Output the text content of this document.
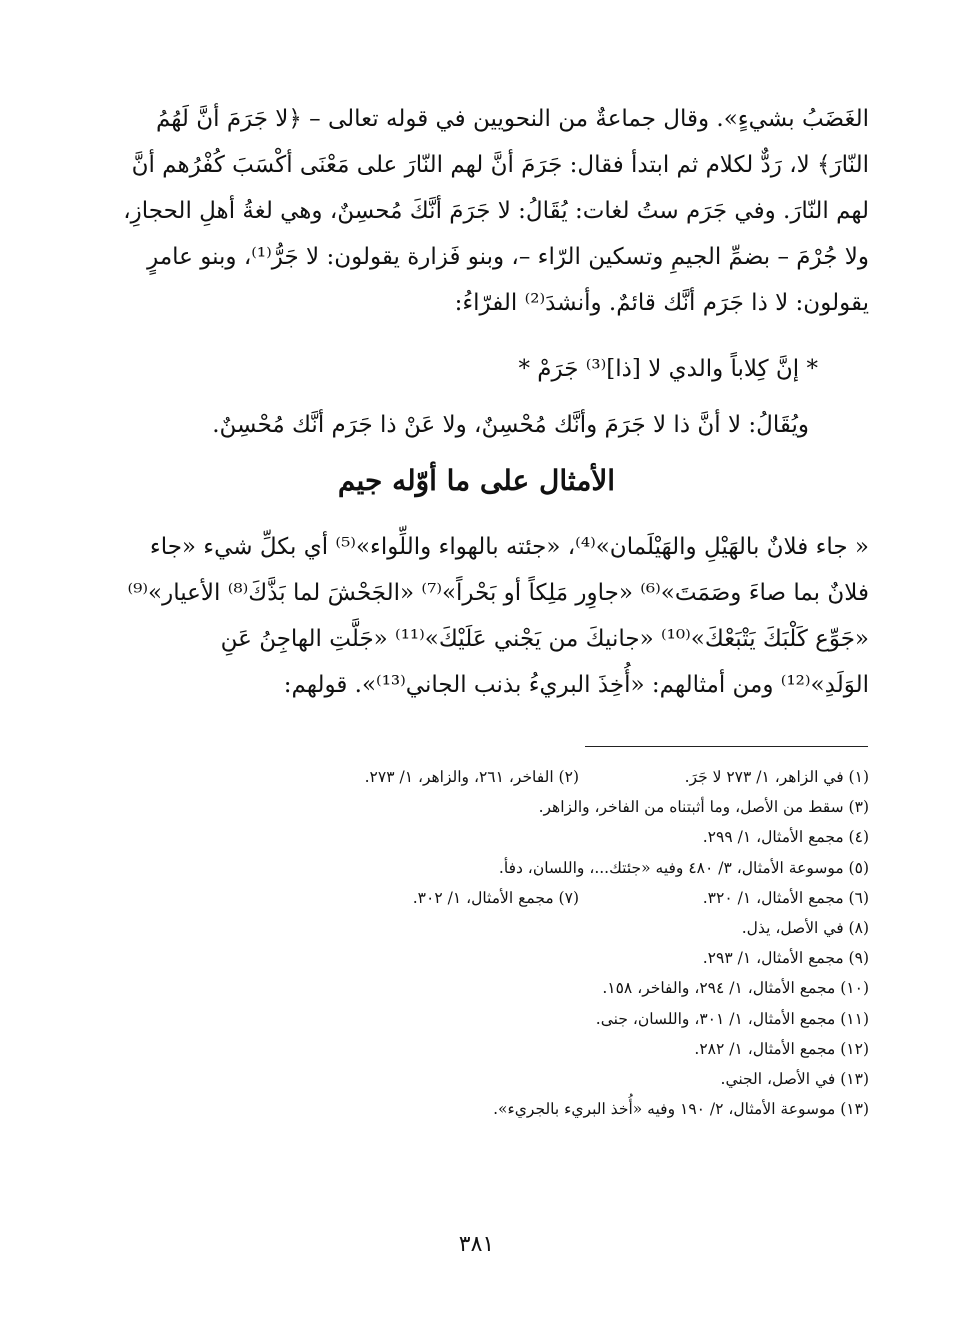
الغَضَبُ بشيءٍ». وقال جماعةٌ من النحويين في قوله تعالى – ﴿لا جَرَمَ أنَّ لَهُمُ
النّارَ﴾ لا، رَدٌّ لكلام ثم ابتدأ فقال: جَرَمَ أنَّ لهم النّارَ على مَعْنَى أكْسَبَ كُفْرُهم أنَّ
لهم النّارَ. وفي جَرَم ستُ لغات: يُقَالُ: لا جَرَمَ أنَّكَ مُحسِنٌ، وهي لغةُ أهلِ الحجازِ،
ولا جُرْمَ – بضمِّ الجيمِ وتسكين الرّاء –، وبنو فَزارة يقولون: لا جَرُّ⁽¹⁾، وبنو عامرٍ
يقولون: لا ذا جَرَم أنَّك قائمٌ. وأنشدَ⁽²⁾ الفرّاءُ:
* إنَّ كِلاباً والدي لا [ذا]⁽³⁾ جَرَمْ *
ويُقَالُ: لا أنَّ ذا لا جَرَمَ وأنَّك مُحْسِنٌ، ولا عَنْ ذا جَرَم أنَّك مُحْسِنٌ.
الأمثال على ما أوّله جيم
« جاء فلانٌ بالهَيْلِ والهَيْلَمان»⁽⁴⁾، «جئته بالهواء واللِّواء»⁽⁵⁾ أي بكلِّ شيء «جاء
فلانٌ بما صاءَ وصَمَتَ»⁽⁶⁾ «جاوِر مَلِكاً أو بَحْراً»⁽⁷⁾ «الجَحْشَ لما بَذَّكَ⁽⁸⁾ الأعيار»⁽⁹⁾
«جَوِّع كَلْبَكَ يَتْبَعْكَ»⁽¹⁰⁾ «جانيكَ من يَجْني عَلَيْكَ»⁽¹¹⁾ «جَلَّتِ الهاجِنُ عَنِ
الوَلَدِ»⁽¹²⁾ ومن أمثالهم: «أُخِذَ البريءُ بذنب الجاني⁽¹³⁾». قولهم:
(١) في الزاهر، ١/ ٢٧٣ لا جَرَ.(٢) الفاخر، ٢٦١، والزاهر، ١/ ٢٧٣.
(٣) سقط من الأصل، وما أثبتناه من الفاخر، والزاهر.
(٤) مجمع الأمثال، ١/ ٢٩٩.
(٥) موسوعة الأمثال، ٣/ ٤٨٠ وفيه «جئتك...، واللسان، دفأ.
(٦) مجمع الأمثال، ١/ ٣٢٠.(٧) مجمع الأمثال، ١/ ٣٠٢.
(٨) في الأصل، يذل.
(٩) مجمع الأمثال، ١/ ٢٩٣.
(١٠) مجمع الأمثال، ١/ ٢٩٤، والفاخر، ١٥٨.
(١١) مجمع الأمثال، ١/ ٣٠١، واللسان، جنى.
(١٢) مجمع الأمثال، ١/ ٢٨٢.
(١٣) في الأصل، الجني.
(١٣) موسوعة الأمثال، ٢/ ١٩٠ وفيه «أُخذ البريء بالجريء».
٣٨١
